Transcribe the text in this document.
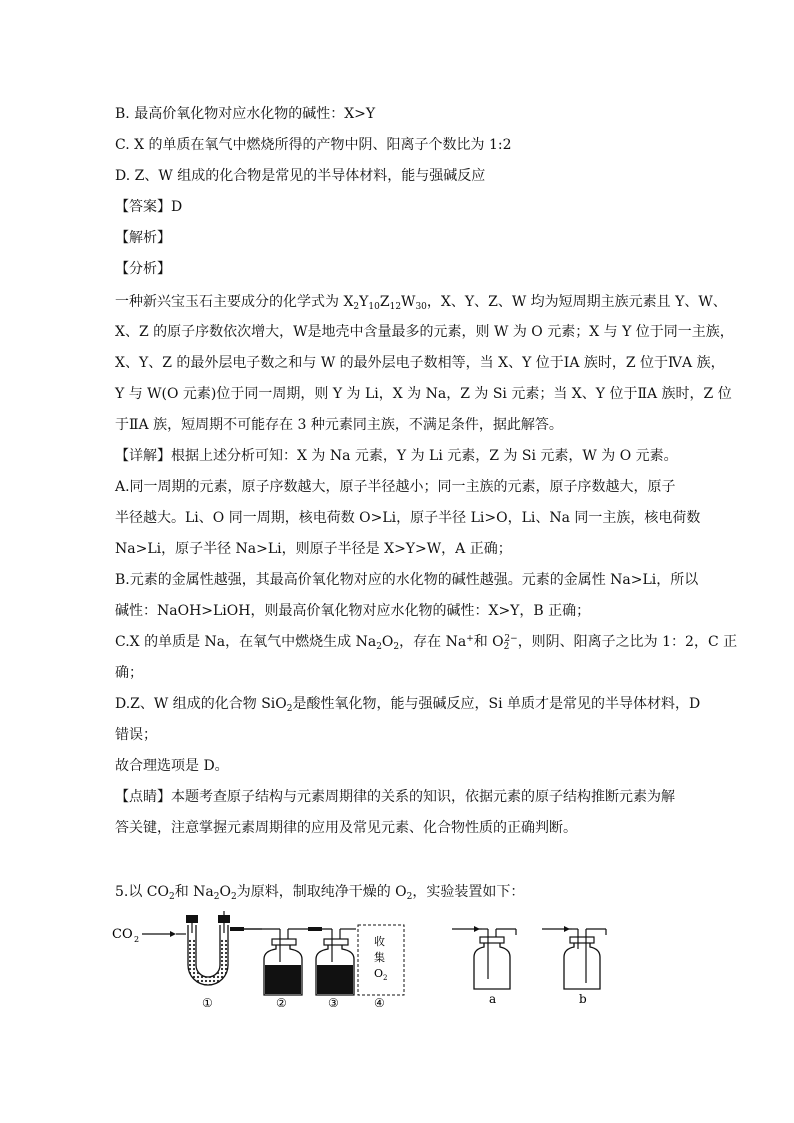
B. 最高价氧化物对应水化物的碱性：X>Y
C. X 的单质在氧气中燃烧所得的产物中阴、阳离子个数比为 1:2
D. Z、W 组成的化合物是常见的半导体材料，能与强碱反应
【答案】D
【解析】
【分析】
一种新兴宝玉石主要成分的化学式为 $X_2Y_{10}Z_{12}W_{30}$，X、Y、Z、W 均为短周期主族元素且 Y、W、
X、Z 的原子序数依次增大，W是地壳中含量最多的元素，则 W 为 O 元素；X 与 Y 位于同一主族，
X、Y、Z 的最外层电子数之和与 W 的最外层电子数相等，当 X、Y 位于ⅠA 族时，Z 位于ⅣA 族，
Y 与 W(O 元素)位于同一周期，则 Y 为 Li，X 为 Na，Z 为 Si 元素；当 X、Y 位于ⅡA 族时，Z 位
于ⅡA 族，短周期不可能存在 3 种元素同主族，不满足条件，据此解答。
【详解】根据上述分析可知：X 为 Na 元素，Y 为 Li 元素，Z 为 Si 元素，W 为 O 元素。
A.同一周期的元素，原子序数越大，原子半径越小；同一主族的元素，原子序数越大，原子
半径越大。Li、O 同一周期，核电荷数 O>Li，原子半径 Li>O，Li、Na 同一主族，核电荷数
Na>Li，原子半径 Na>Li，则原子半径是 X>Y>W，A 正确；
B.元素的金属性越强，其最高价氧化物对应的水化物的碱性越强。元素的金属性 Na>Li，所以
碱性：NaOH>LiOH，则最高价氧化物对应水化物的碱性：X>Y，B 正确；
C.X 的单质是 Na，在氧气中燃烧生成 $Na_2O_2$，存在 Na+和 $O_2^{2-}$，则阴、阳离子之比为 1：2，C 正
确；
D.Z、W 组成的化合物 SiO$_2$是酸性氧化物，能与强碱反应，Si 单质才是常见的半导体材料，D
错误；
故合理选项是 D。
【点睛】本题考查原子结构与元素周期律的关系的知识，依据元素的原子结构推断元素为解
答关键，注意掌握元素周期律的应用及常见元素、化合物性质的正确判断。
5.以 $CO_2$和 $Na_2O_2$为原料，制取纯净干燥的 $O_2$，实验装置如下：
CO 2	收
集
O 2
①	②	③	④	a	b
